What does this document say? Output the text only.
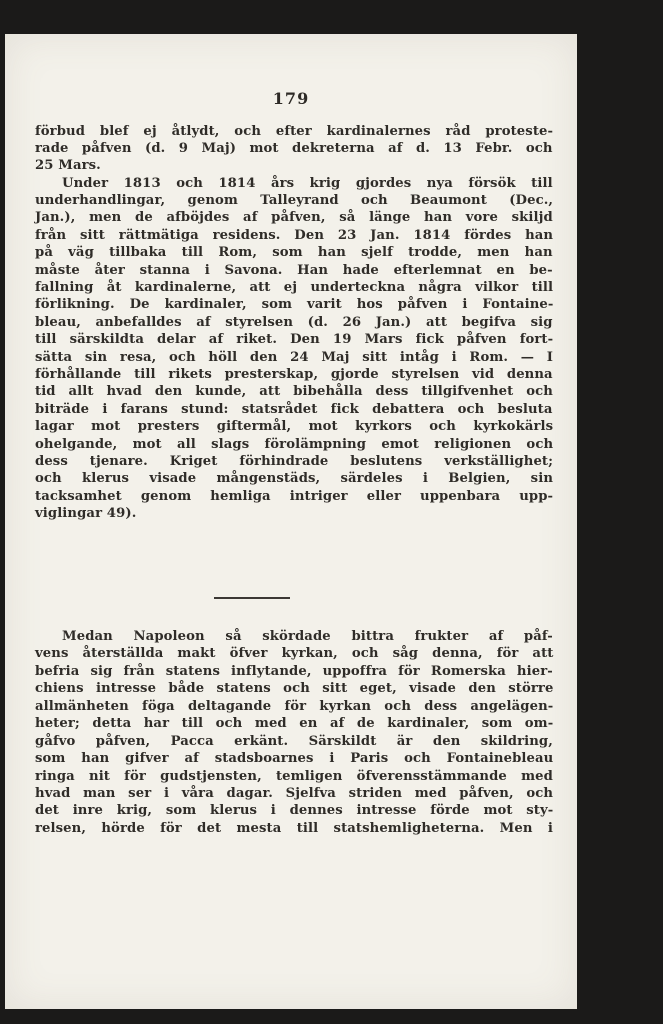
179
förbud blef ej åtlydt, och efter kardinalernes råd proteste-
rade påfven (d. 9 Maj) mot dekreterna af d. 13 Febr. och
25 Mars.
Under 1813 och 1814 års krig gjordes nya försök till
underhandlingar, genom Talleyrand och Beaumont (Dec.,
Jan.), men de afböjdes af påfven, så länge han vore skiljd
från sitt rättmätiga residens. Den 23 Jan. 1814 fördes han
på väg tillbaka till Rom, som han sjelf trodde, men han
måste åter stanna i Savona. Han hade efterlemnat en be-
fallning åt kardinalerne, att ej underteckna några vilkor till
förlikning. De kardinaler, som varit hos påfven i Fontaine-
bleau, anbefalldes af styrelsen (d. 26 Jan.) att begifva sig
till särskildta delar af riket. Den 19 Mars fick påfven fort-
sätta sin resa, och höll den 24 Maj sitt intåg i Rom. — I
förhållande till rikets presterskap, gjorde styrelsen vid denna
tid allt hvad den kunde, att bibehålla dess tillgifvenhet och
biträde i farans stund: statsrådet fick debattera och besluta
lagar mot presters giftermål, mot kyrkors och kyrkokärls
ohelgande, mot all slags förolämpning emot religionen och
dess tjenare. Kriget förhindrade beslutens verkställighet;
och klerus visade mångenstäds, särdeles i Belgien, sin
tacksamhet genom hemliga intriger eller uppenbara upp-
viglingar 49).
Medan Napoleon så skördade bittra frukter af påf-
vens återställda makt öfver kyrkan, och såg denna, för att
befria sig från statens inflytande, uppoffra för Romerska hier-
chiens intresse både statens och sitt eget, visade den större
allmänheten föga deltagande för kyrkan och dess angelägen-
heter; detta har till och med en af de kardinaler, som om-
gåfvo påfven, Pacca erkänt. Särskildt är den skildring,
som han gifver af stadsboarnes i Paris och Fontainebleau
ringa nit för gudstjensten, temligen öfverensstämmande med
hvad man ser i våra dagar. Sjelfva striden med påfven, och
det inre krig, som klerus i dennes intresse förde mot sty-
relsen, hörde för det mesta till statshemligheterna. Men i
